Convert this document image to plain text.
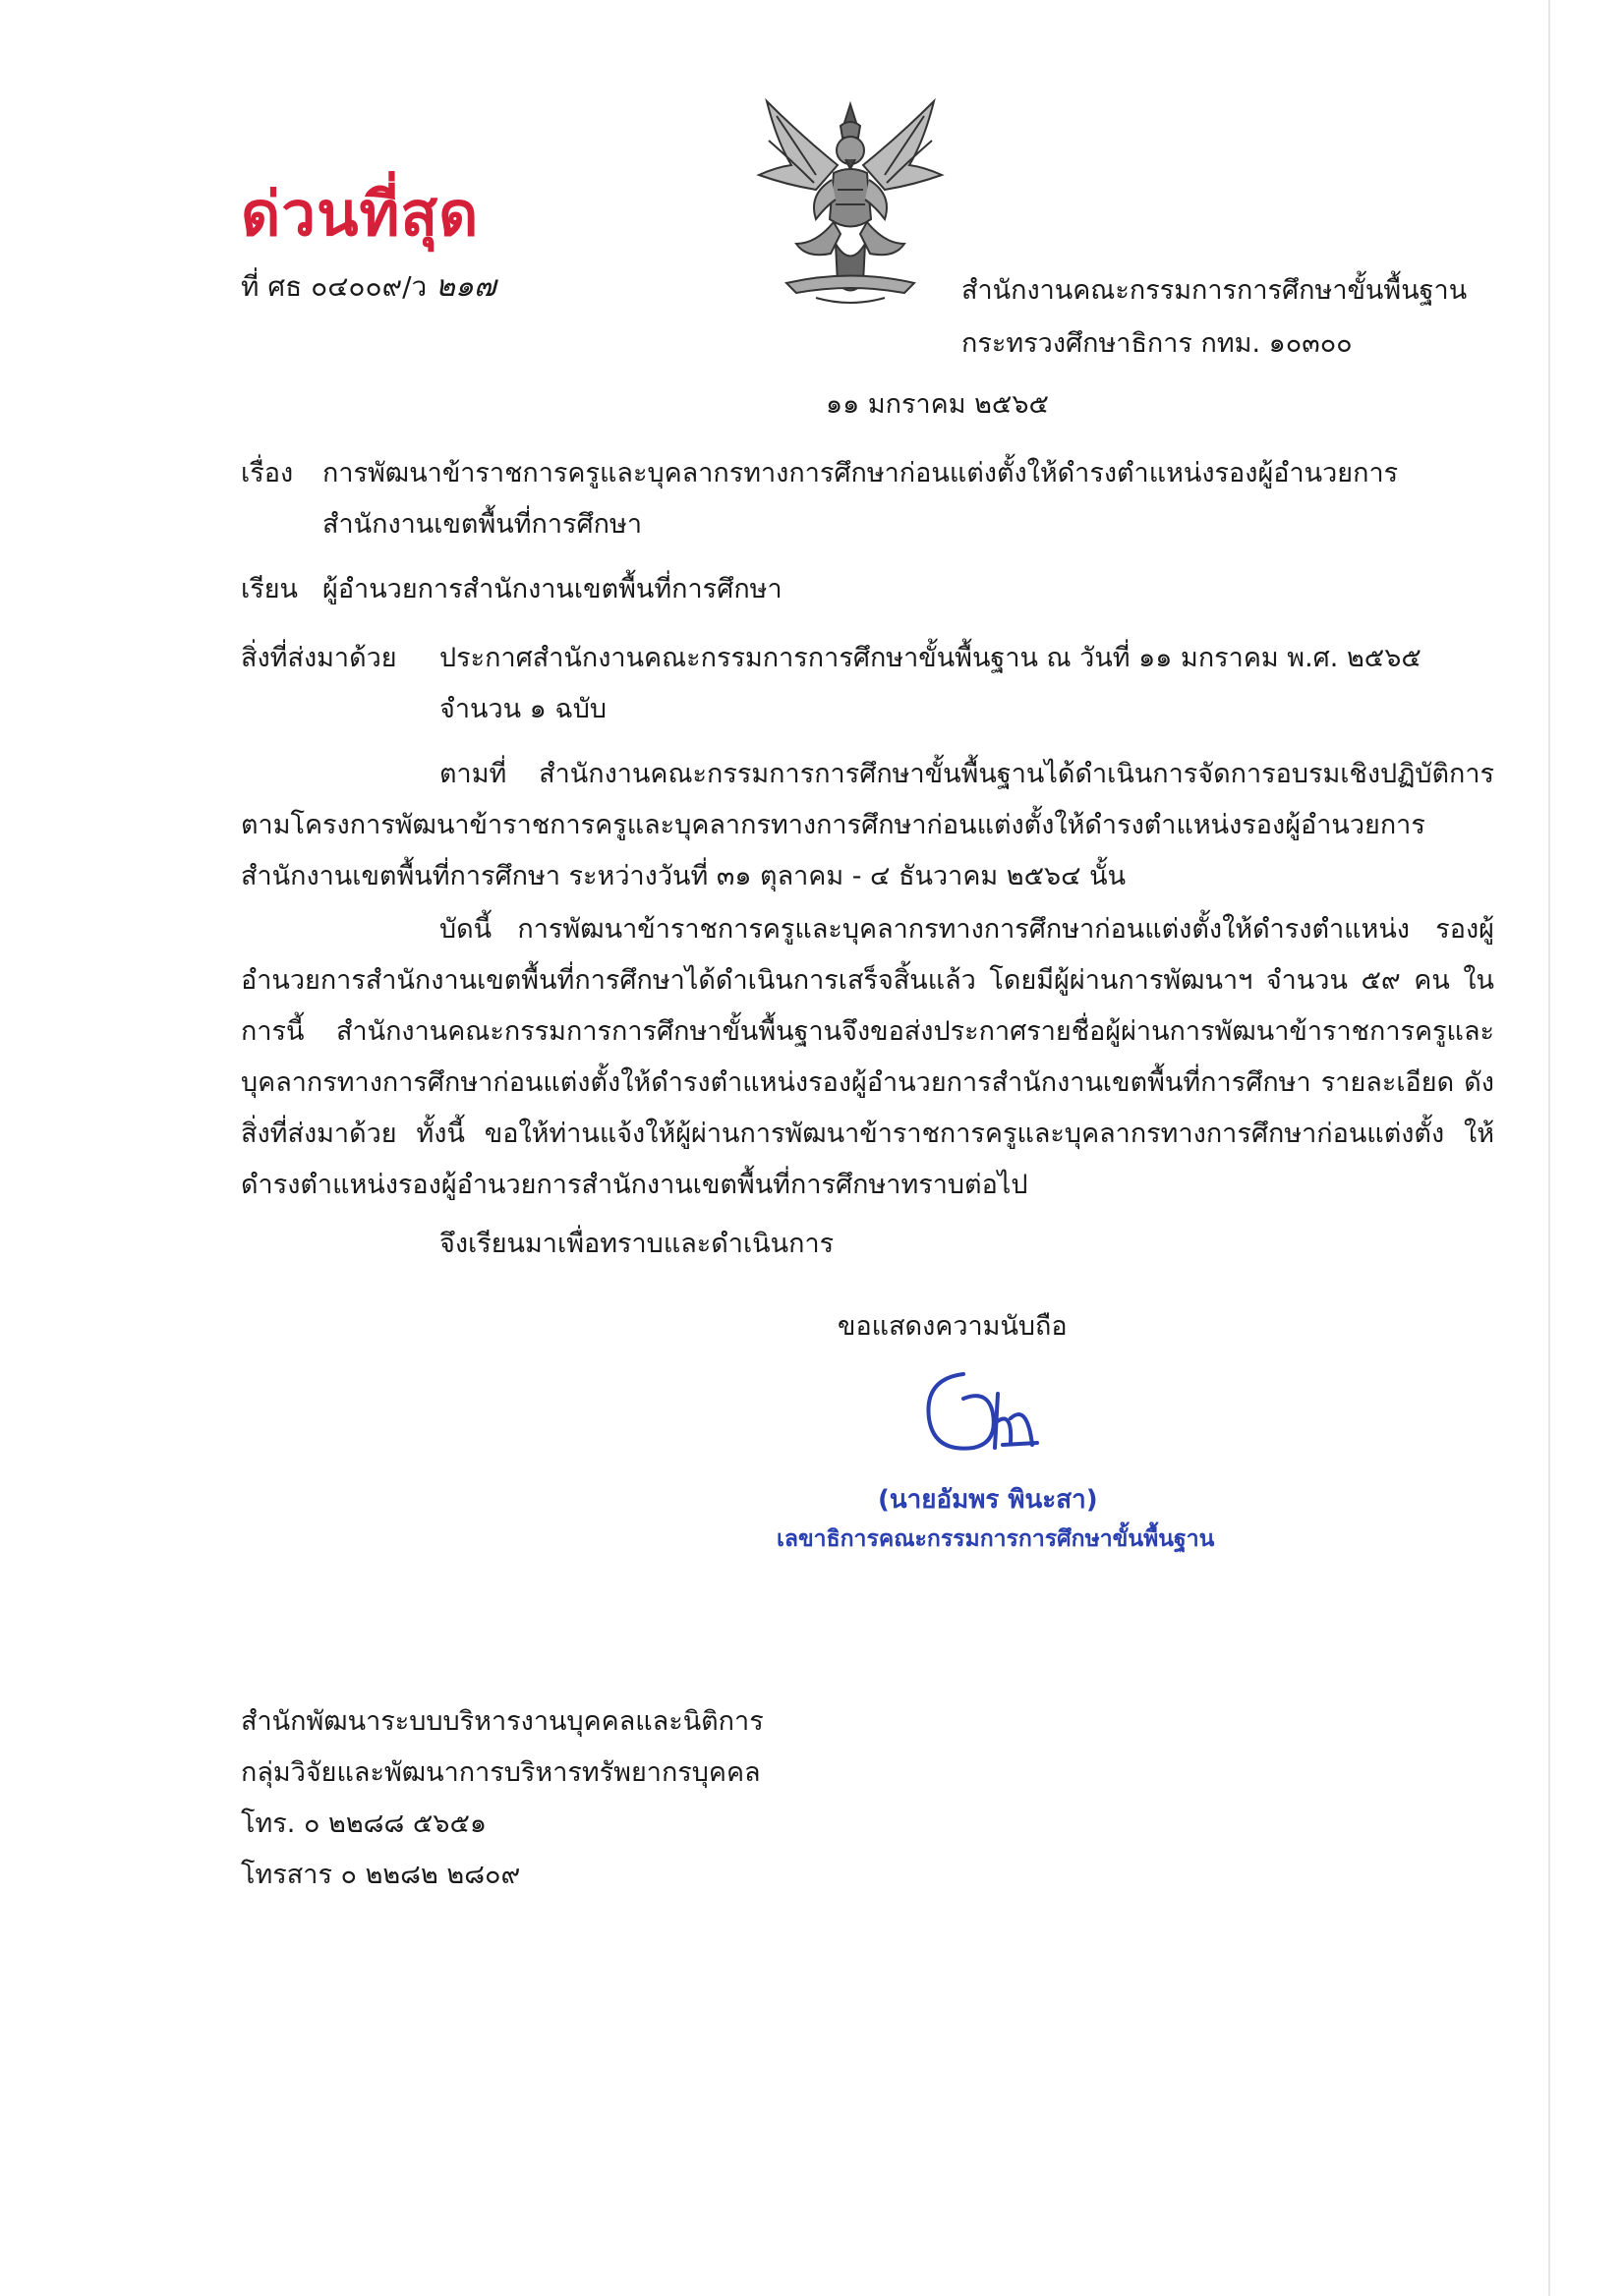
ด่วนที่สุด
ที่ ศธ ๐๔๐๐๙/ว ๒๑๗	สำนักงานคณะกรรมการการศึกษาขั้นพื้นฐาน
กระทรวงศึกษาธิการ กทม. ๑๐๓๐๐
๑๑ มกราคม ๒๕๖๕
เรื่อง การพัฒนาข้าราชการครูและบุคลากรทางการศึกษาก่อนแต่งตั้งให้ดำรงตำแหน่งรองผู้อำนวยการ
สำนักงานเขตพื้นที่การศึกษา
เรียน ผู้อำนวยการสำนักงานเขตพื้นที่การศึกษา
สิ่งที่ส่งมาด้วย ประกาศสำนักงานคณะกรรมการการศึกษาขั้นพื้นฐาน ณ วันที่ ๑๑ มกราคม พ.ศ. ๒๕๖๕
จำนวน ๑ ฉบับ
ตามที่ สำนักงานคณะกรรมการการศึกษาขั้นพื้นฐานได้ดำเนินการจัดการอบรมเชิงปฏิบัติการ ตามโครงการพัฒนาข้าราชการครูและบุคลากรทางการศึกษาก่อนแต่งตั้งให้ดำรงตำแหน่งรองผู้อำนวยการ สำนักงานเขตพื้นที่การศึกษา ระหว่างวันที่ ๓๑ ตุลาคม - ๔ ธันวาคม ๒๕๖๔ นั้น
บัดนี้ การพัฒนาข้าราชการครูและบุคลากรทางการศึกษาก่อนแต่งตั้งให้ดำรงตำแหน่ง รองผู้อำนวยการสำนักงานเขตพื้นที่การศึกษาได้ดำเนินการเสร็จสิ้นแล้ว โดยมีผู้ผ่านการพัฒนาฯ จำนวน ๕๙ คน ในการนี้ สำนักงานคณะกรรมการการศึกษาขั้นพื้นฐานจึงขอส่งประกาศรายชื่อผู้ผ่านการพัฒนาข้าราชการครูและ บุคลากรทางการศึกษาก่อนแต่งตั้งให้ดำรงตำแหน่งรองผู้อำนวยการสำนักงานเขตพื้นที่การศึกษา รายละเอียด ดังสิ่งที่ส่งมาด้วย ทั้งนี้ ขอให้ท่านแจ้งให้ผู้ผ่านการพัฒนาข้าราชการครูและบุคลากรทางการศึกษาก่อนแต่งตั้ง ให้ดำรงตำแหน่งรองผู้อำนวยการสำนักงานเขตพื้นที่การศึกษาทราบต่อไป
จึงเรียนมาเพื่อทราบและดำเนินการ
ขอแสดงความนับถือ
(นายอัมพร พินะสา)
เลขาธิการคณะกรรมการการศึกษาขั้นพื้นฐาน
สำนักพัฒนาระบบบริหารงานบุคคลและนิติการ
กลุ่มวิจัยและพัฒนาการบริหารทรัพยากรบุคคล
โทร. ๐ ๒๒๘๘ ๕๖๕๑
โทรสาร ๐ ๒๒๘๒ ๒๘๐๙
